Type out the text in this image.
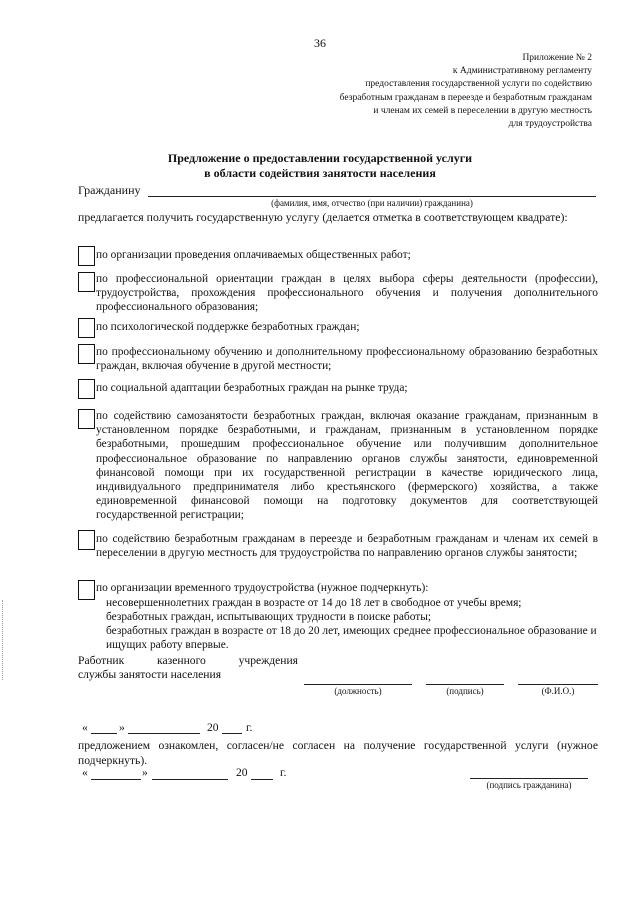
36
Приложение № 2
к Административному регламенту
предоставления государственной услуги по содействию
безработным гражданам в переезде и безработным гражданам
и членам их семей в переселении в другую местность
для трудоустройства
Предложение о предоставлении государственной услуги
в области содействия занятости населения
Гражданину
(фамилия, имя, отчество (при наличии) гражданина)
предлагается получить государственную услугу (делается отметка в соответствующем квадрате):
по организации проведения оплачиваемых общественных работ;
по профессиональной ориентации граждан в целях выбора сферы деятельности (профессии), трудоустройства, прохождения профессионального обучения и получения дополнительного профессионального образования;
по психологической поддержке безработных граждан;
по профессиональному обучению и дополнительному профессиональному образованию безработных граждан, включая обучение в другой местности;
по социальной адаптации безработных граждан на рынке труда;
по содействию самозанятости безработных граждан, включая оказание гражданам, признанным в установленном порядке безработными, и гражданам, признанным в установленном порядке безработными, прошедшим профессиональное обучение или получившим дополнительное профессиональное образование по направлению органов службы занятости, единовременной финансовой помощи при их государственной регистрации в качестве юридического лица, индивидуального предпринимателя либо крестьянского (фермерского) хозяйства, а также единовременной финансовой помощи на подготовку документов для соответствующей государственной регистрации;
по содействию безработным гражданам в переезде и безработным гражданам и членам их семей в переселении в другую местность для трудоустройства по направлению органов службы занятости;
по организации временного трудоустройства (нужное подчеркнуть):
несовершеннолетних граждан в возрасте от 14 до 18 лет в свободное от учебы время;
безработных граждан, испытывающих трудности в поиске работы;
безработных граждан в возрасте от 18 до 20 лет, имеющих среднее профессиональное образование и ищущих работу впервые.
Работник казенного учреждения
службы занятости населения
(должность)	(подпись)	(Ф.И.О.)
«	»	20 г.
предложением ознакомлен, согласен/не согласен на получение государственной услуги (нужное подчеркнуть).
«	»	20	г.
(подпись гражданина)
